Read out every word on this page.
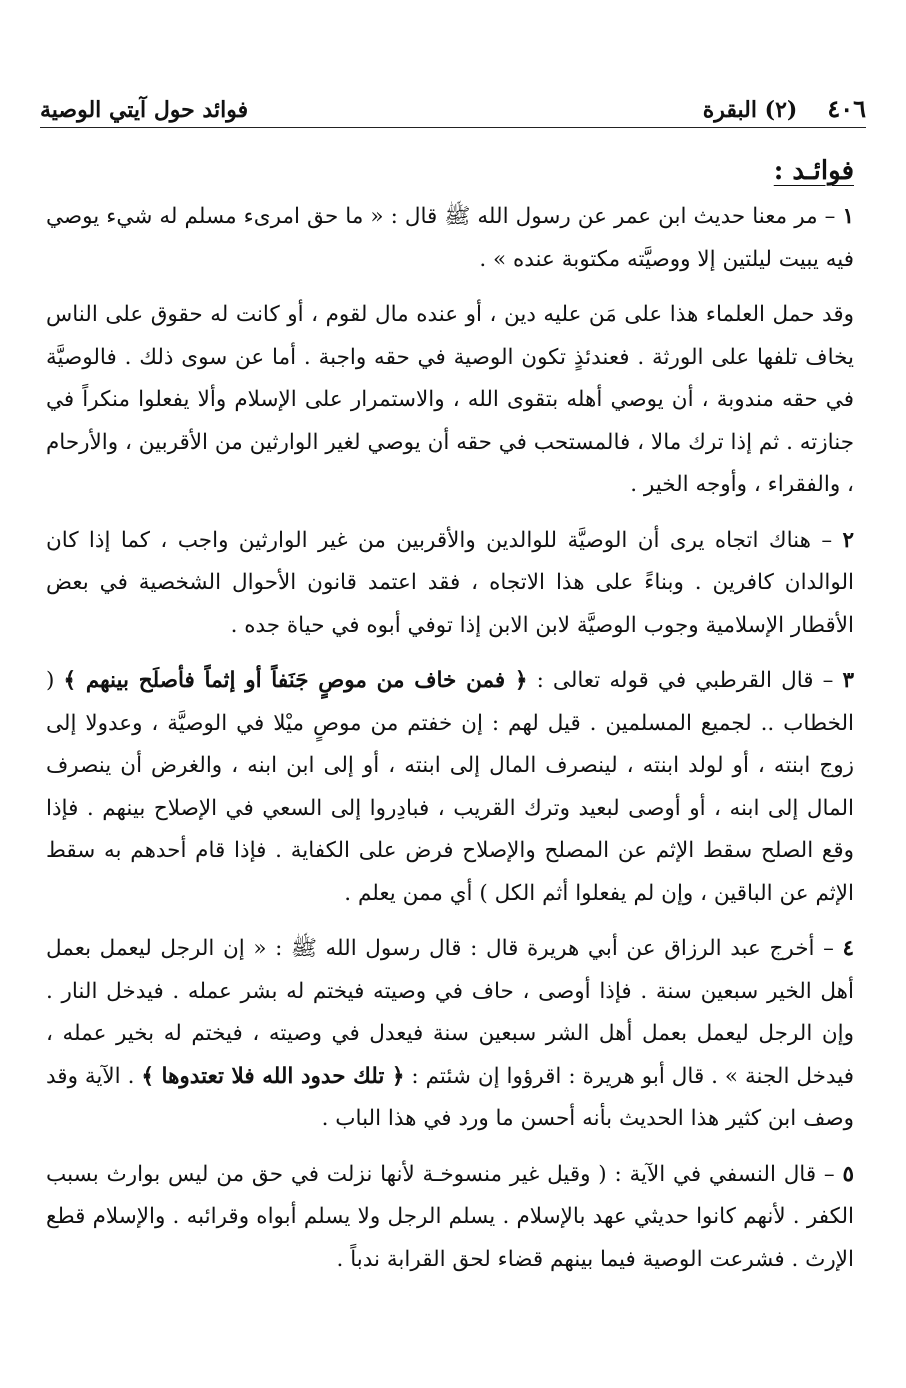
٤٠٦
(٢) البقرة
فوائد حول آيتي الوصية
فوائـد :

١ – مر معنا حديث ابن عمر عن رسول الله ﷺ قال : « ما حق امرىء مسلم له شيء يوصي فيه يبيت ليلتين إلا ووصيَّته مكتوبة عنده » .

وقد حمل العلماء هذا على مَن عليه دين ، أو عنده مال لقوم ، أو كانت له حقوق على الناس يخاف تلفها على الورثة . فعندئذٍ تكون الوصية في حقه واجبة . أما عن سوى ذلك . فالوصيَّة في حقه مندوبة ، أن يوصي أهله بتقوى الله ، والاستمرار على الإسلام وألا يفعلوا منكراً في جنازته . ثم إذا ترك مالا ، فالمستحب في حقه أن يوصي لغير الوارثين من الأقربين ، والأرحام ، والفقراء ، وأوجه الخير .

٢ – هناك اتجاه يرى أن الوصيَّة للوالدين والأقربين من غير الوارثين واجب ، كما إذا كان الوالدان كافرين . وبناءً على هذا الاتجاه ، فقد اعتمد قانون الأحوال الشخصية في بعض الأقطار الإسلامية وجوب الوصيَّة لابن الابن إذا توفي أبوه في حياة جده .

٣ – قال القرطبي في قوله تعالى : ﴿ فمن خاف من موصٍ جَنَفاً أو إثماً فأصلَح بينهم ﴾ ( الخطاب .. لجميع المسلمين . قيل لهم : إن خفتم من موصٍ ميْلا في الوصيَّة ، وعدولا إلى زوج ابنته ، أو لولد ابنته ، لينصرف المال إلى ابنته ، أو إلى ابن ابنه ، والغرض أن ينصرف المال إلى ابنه ، أو أوصى لبعيد وترك القريب ، فبادِروا إلى السعي في الإصلاح بينهم . فإذا وقع الصلح سقط الإثم عن المصلح والإصلاح فرض على الكفاية . فإذا قام أحدهم به سقط الإثم عن الباقين ، وإن لم يفعلوا أثم الكل ) أي ممن يعلم .

٤ – أخرج عبد الرزاق عن أبي هريرة قال : قال رسول الله ﷺ : « إن الرجل ليعمل بعمل أهل الخير سبعين سنة . فإذا أوصى ، حاف في وصيته فيختم له بشر عمله . فيدخل النار . وإن الرجل ليعمل بعمل أهل الشر سبعين سنة فيعدل في وصيته ، فيختم له بخير عمله ، فيدخل الجنة » . قال أبو هريرة : اقرؤوا إن شئتم : ﴿ تلك حدود الله فلا تعتدوها ﴾ . الآية وقد وصف ابن كثير هذا الحديث بأنه أحسن ما ورد في هذا الباب .

٥ – قال النسفي في الآية : ( وقيل غير منسوخـة لأنها نزلت في حق من ليس بوارث بسبب الكفر . لأنهم كانوا حديثي عهد بالإسلام . يسلم الرجل ولا يسلم أبواه وقرائبه . والإسلام قطع الإرث . فشرعت الوصية فيما بينهم قضاء لحق القرابة ندباً .
